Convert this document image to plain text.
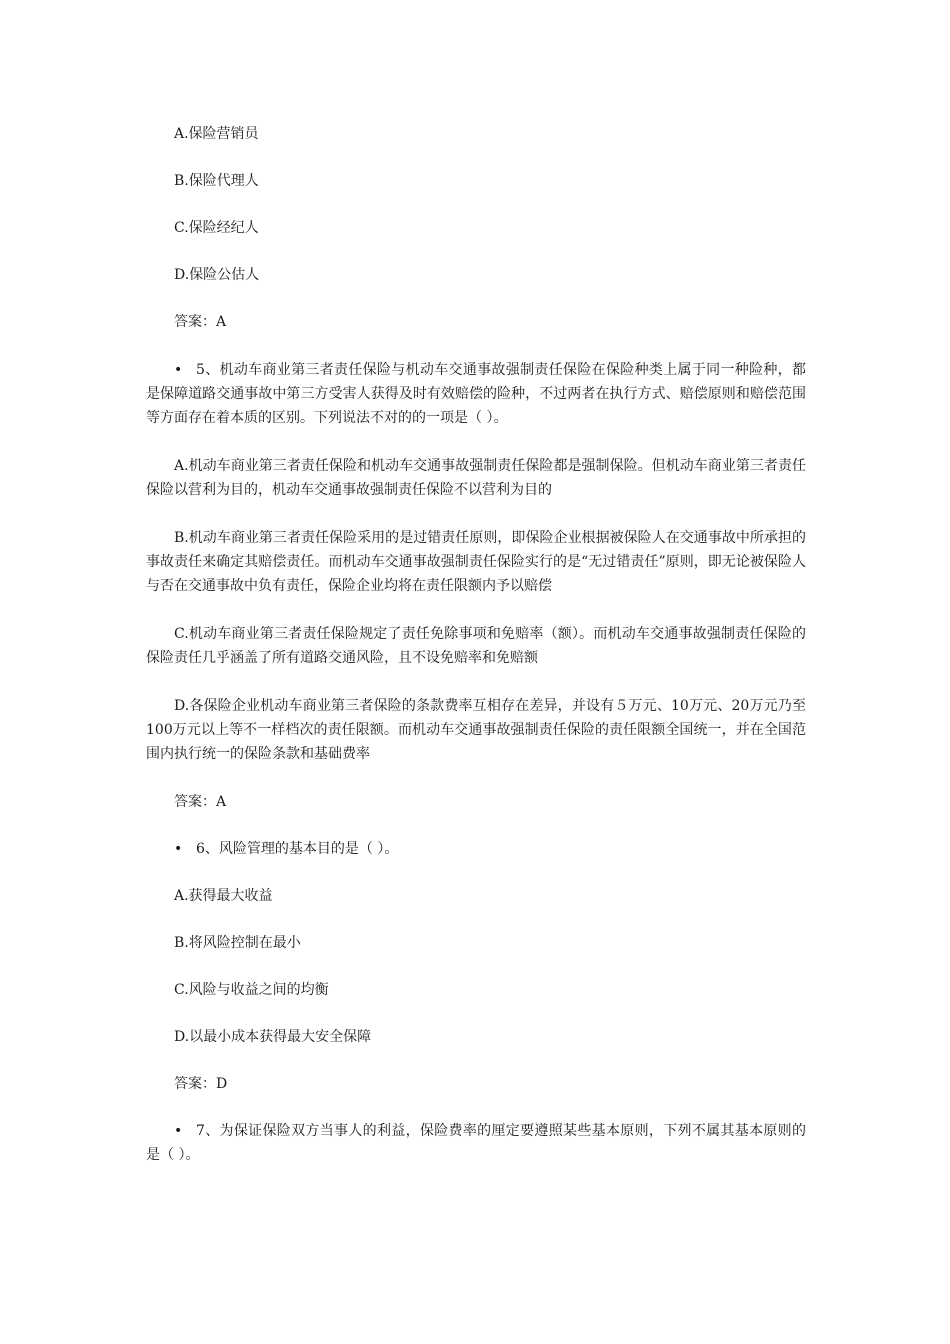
A.保险营销员

B.保险代理人

C.保险经纪人

D.保险公估人

答案：A

• 5、机动车商业第三者责任保险与机动车交通事故强制责任保险在保险种类上属于同一种险种，都是保障道路交通事故中第三方受害人获得及时有效赔偿的险种，不过两者在执行方式、赔偿原则和赔偿范围等方面存在着本质的区别。下列说法不对的的一项是（ ）。

A.机动车商业第三者责任保险和机动车交通事故强制责任保险都是强制保险。但机动车商业第三者责任保险以营利为目的，机动车交通事故强制责任保险不以营利为目的

B.机动车商业第三者责任保险采用的是过错责任原则，即保险企业根据被保险人在交通事故中所承担的事故责任来确定其赔偿责任。而机动车交通事故强制责任保险实行的是“无过错责任”原则，即无论被保险人与否在交通事故中负有责任，保险企业均将在责任限额内予以赔偿

C.机动车商业第三者责任保险规定了责任免除事项和免赔率（额）。而机动车交通事故强制责任保险的保险责任几乎涵盖了所有道路交通风险，且不设免赔率和免赔额

D.各保险企业机动车商业第三者保险的条款费率互相存在差异，并设有５万元、10万元、20万元乃至100万元以上等不一样档次的责任限额。而机动车交通事故强制责任保险的责任限额全国统一，并在全国范围内执行统一的保险条款和基础费率

答案：A

• 6、风险管理的基本目的是（ ）。

A.获得最大收益

B.将风险控制在最小

C.风险与收益之间的均衡

D.以最小成本获得最大安全保障

答案：D

• 7、为保证保险双方当事人的利益，保险费率的厘定要遵照某些基本原则，下列不属其基本原则的是（ ）。
